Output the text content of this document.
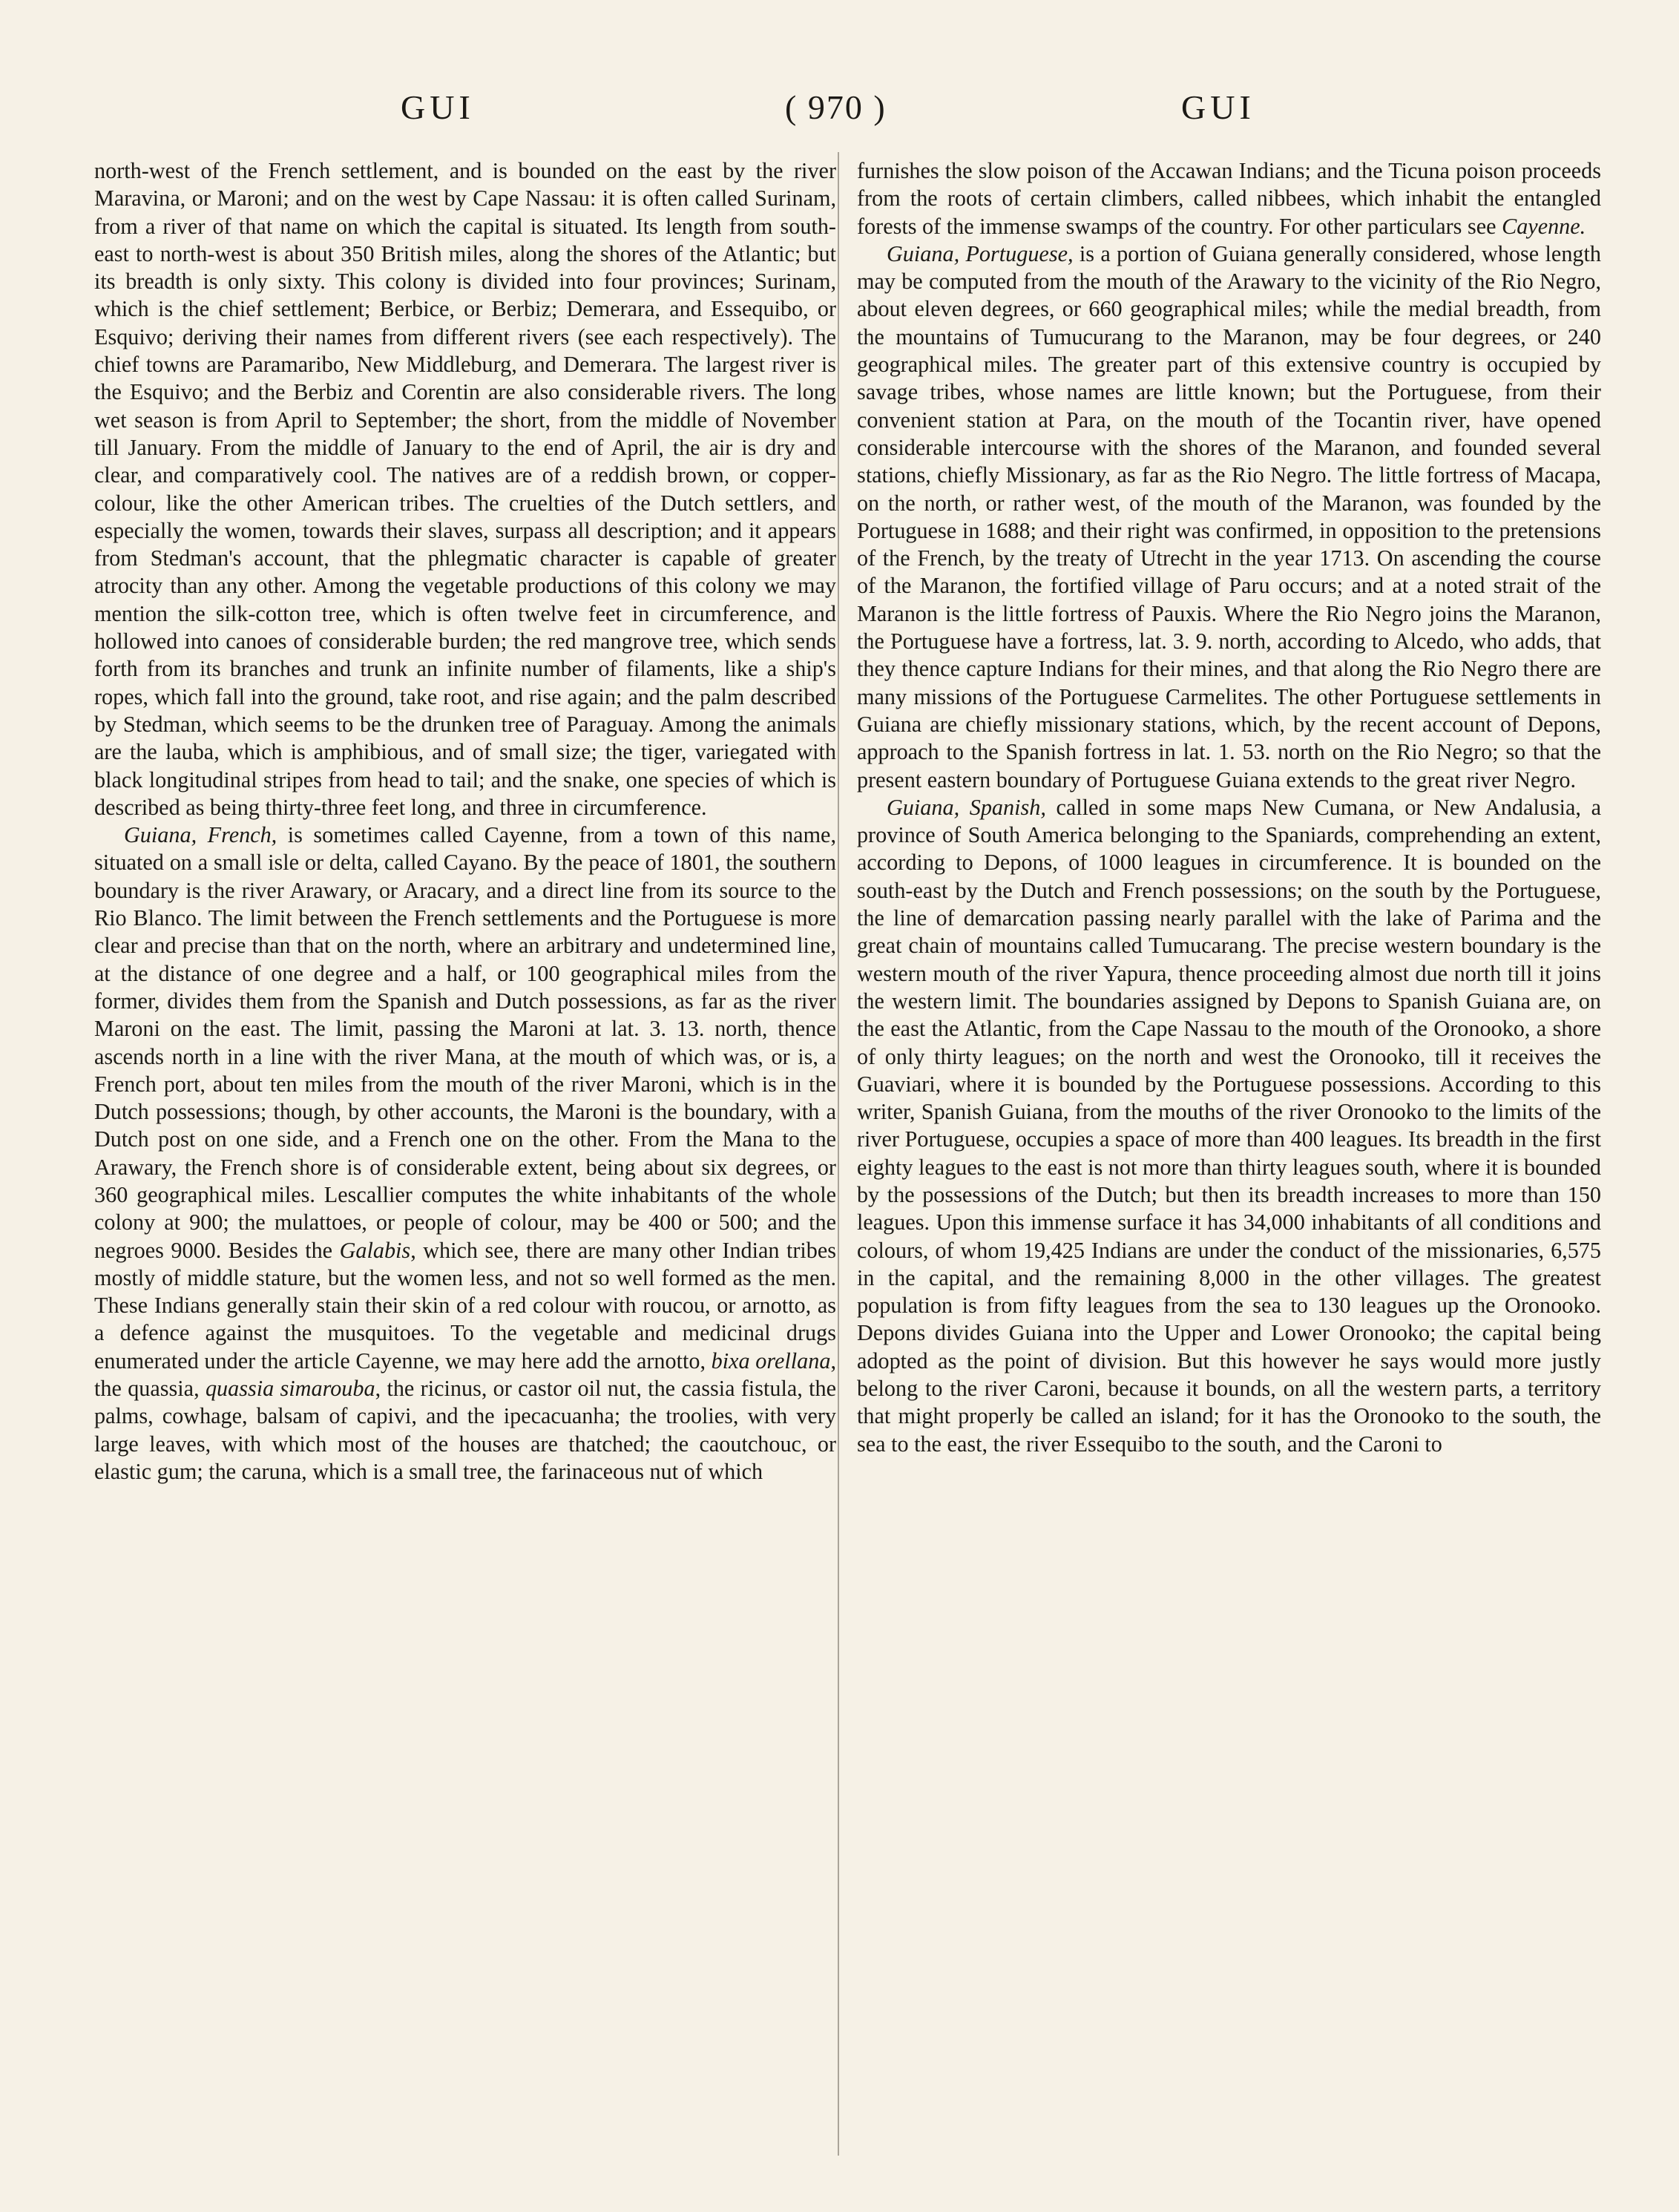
GUI	( 970 )	GUI

north-west of the French settlement, and is bounded on the east by the river Maravina, or Maroni; and on the west by Cape Nassau: it is often called Surinam, from a river of that name on which the capital is situated. Its length from south-east to north-west is about 350 British miles, along the shores of the Atlantic; but its breadth is only sixty. This colony is divided into four provinces; Surinam, which is the chief settlement; Berbice, or Berbiz; Demerara, and Essequibo, or Esquivo; deriving their names from different rivers (see each respectively). The chief towns are Paramaribo, New Middleburg, and Demerara. The largest river is the Esquivo; and the Berbiz and Corentin are also considerable rivers. The long wet season is from April to September; the short, from the middle of November till January. From the middle of January to the end of April, the air is dry and clear, and comparatively cool. The natives are of a reddish brown, or copper-colour, like the other American tribes. The cruelties of the Dutch settlers, and especially the women, towards their slaves, surpass all description; and it appears from Stedman's account, that the phlegmatic character is capable of greater atrocity than any other. Among the vegetable productions of this colony we may mention the silk-cotton tree, which is often twelve feet in circumference, and hollowed into canoes of considerable burden; the red mangrove tree, which sends forth from its branches and trunk an infinite number of filaments, like a ship's ropes, which fall into the ground, take root, and rise again; and the palm described by Stedman, which seems to be the drunken tree of Paraguay. Among the animals are the lauba, which is amphibious, and of small size; the tiger, variegated with black longitudinal stripes from head to tail; and the snake, one species of which is described as being thirty-three feet long, and three in circumference.

Guiana, French, is sometimes called Cayenne, from a town of this name, situated on a small isle or delta, called Cayano. By the peace of 1801, the southern boundary is the river Arawary, or Aracary, and a direct line from its source to the Rio Blanco. The limit between the French settlements and the Portuguese is more clear and precise than that on the north, where an arbitrary and undetermined line, at the distance of one degree and a half, or 100 geographical miles from the former, divides them from the Spanish and Dutch possessions, as far as the river Maroni on the east. The limit, passing the Maroni at lat. 3. 13. north, thence ascends north in a line with the river Mana, at the mouth of which was, or is, a French port, about ten miles from the mouth of the river Maroni, which is in the Dutch possessions; though, by other accounts, the Maroni is the boundary, with a Dutch post on one side, and a French one on the other. From the Mana to the Arawary, the French shore is of considerable extent, being about six degrees, or 360 geographical miles. Lescallier computes the white inhabitants of the whole colony at 900; the mulattoes, or people of colour, may be 400 or 500; and the negroes 9000. Besides the Galabis, which see, there are many other Indian tribes mostly of middle stature, but the women less, and not so well formed as the men. These Indians generally stain their skin of a red colour with roucou, or arnotto, as a defence against the musquitoes. To the vegetable and medicinal drugs enumerated under the article Cayenne, we may here add the arnotto, bixa orellana, the quassia, quassia simarouba, the ricinus, or castor oil nut, the cassia fistula, the palms, cowhage, balsam of capivi, and the ipecacuanha; the troolies, with very large leaves, with which most of the houses are thatched; the caoutchouc, or elastic gum; the caruna, which is a small tree, the farinaceous nut of which

furnishes the slow poison of the Accawan Indians; and the Ticuna poison proceeds from the roots of certain climbers, called nibbees, which inhabit the entangled forests of the immense swamps of the country. For other particulars see Cayenne.

Guiana, Portuguese, is a portion of Guiana generally considered, whose length may be computed from the mouth of the Arawary to the vicinity of the Rio Negro, about eleven degrees, or 660 geographical miles; while the medial breadth, from the mountains of Tumucurang to the Maranon, may be four degrees, or 240 geographical miles. The greater part of this extensive country is occupied by savage tribes, whose names are little known; but the Portuguese, from their convenient station at Para, on the mouth of the Tocantin river, have opened considerable intercourse with the shores of the Maranon, and founded several stations, chiefly Missionary, as far as the Rio Negro. The little fortress of Macapa, on the north, or rather west, of the mouth of the Maranon, was founded by the Portuguese in 1688; and their right was confirmed, in opposition to the pretensions of the French, by the treaty of Utrecht in the year 1713. On ascending the course of the Maranon, the fortified village of Paru occurs; and at a noted strait of the Maranon is the little fortress of Pauxis. Where the Rio Negro joins the Maranon, the Portuguese have a fortress, lat. 3. 9. north, according to Alcedo, who adds, that they thence capture Indians for their mines, and that along the Rio Negro there are many missions of the Portuguese Carmelites. The other Portuguese settlements in Guiana are chiefly missionary stations, which, by the recent account of Depons, approach to the Spanish fortress in lat. 1. 53. north on the Rio Negro; so that the present eastern boundary of Portuguese Guiana extends to the great river Negro.

Guiana, Spanish, called in some maps New Cumana, or New Andalusia, a province of South America belonging to the Spaniards, comprehending an extent, according to Depons, of 1000 leagues in circumference. It is bounded on the south-east by the Dutch and French possessions; on the south by the Portuguese, the line of demarcation passing nearly parallel with the lake of Parima and the great chain of mountains called Tumucarang. The precise western boundary is the western mouth of the river Yapura, thence proceeding almost due north till it joins the western limit. The boundaries assigned by Depons to Spanish Guiana are, on the east the Atlantic, from the Cape Nassau to the mouth of the Oronooko, a shore of only thirty leagues; on the north and west the Oronooko, till it receives the Guaviari, where it is bounded by the Portuguese possessions. According to this writer, Spanish Guiana, from the mouths of the river Oronooko to the limits of the river Portuguese, occupies a space of more than 400 leagues. Its breadth in the first eighty leagues to the east is not more than thirty leagues south, where it is bounded by the possessions of the Dutch; but then its breadth increases to more than 150 leagues. Upon this immense surface it has 34,000 inhabitants of all conditions and colours, of whom 19,425 Indians are under the conduct of the missionaries, 6,575 in the capital, and the remaining 8,000 in the other villages. The greatest population is from fifty leagues from the sea to 130 leagues up the Oronooko. Depons divides Guiana into the Upper and Lower Oronooko; the capital being adopted as the point of division. But this however he says would more justly belong to the river Caroni, because it bounds, on all the western parts, a territory that might properly be called an island; for it has the Oronooko to the south, the sea to the east, the river Essequibo to the south, and the Caroni to
